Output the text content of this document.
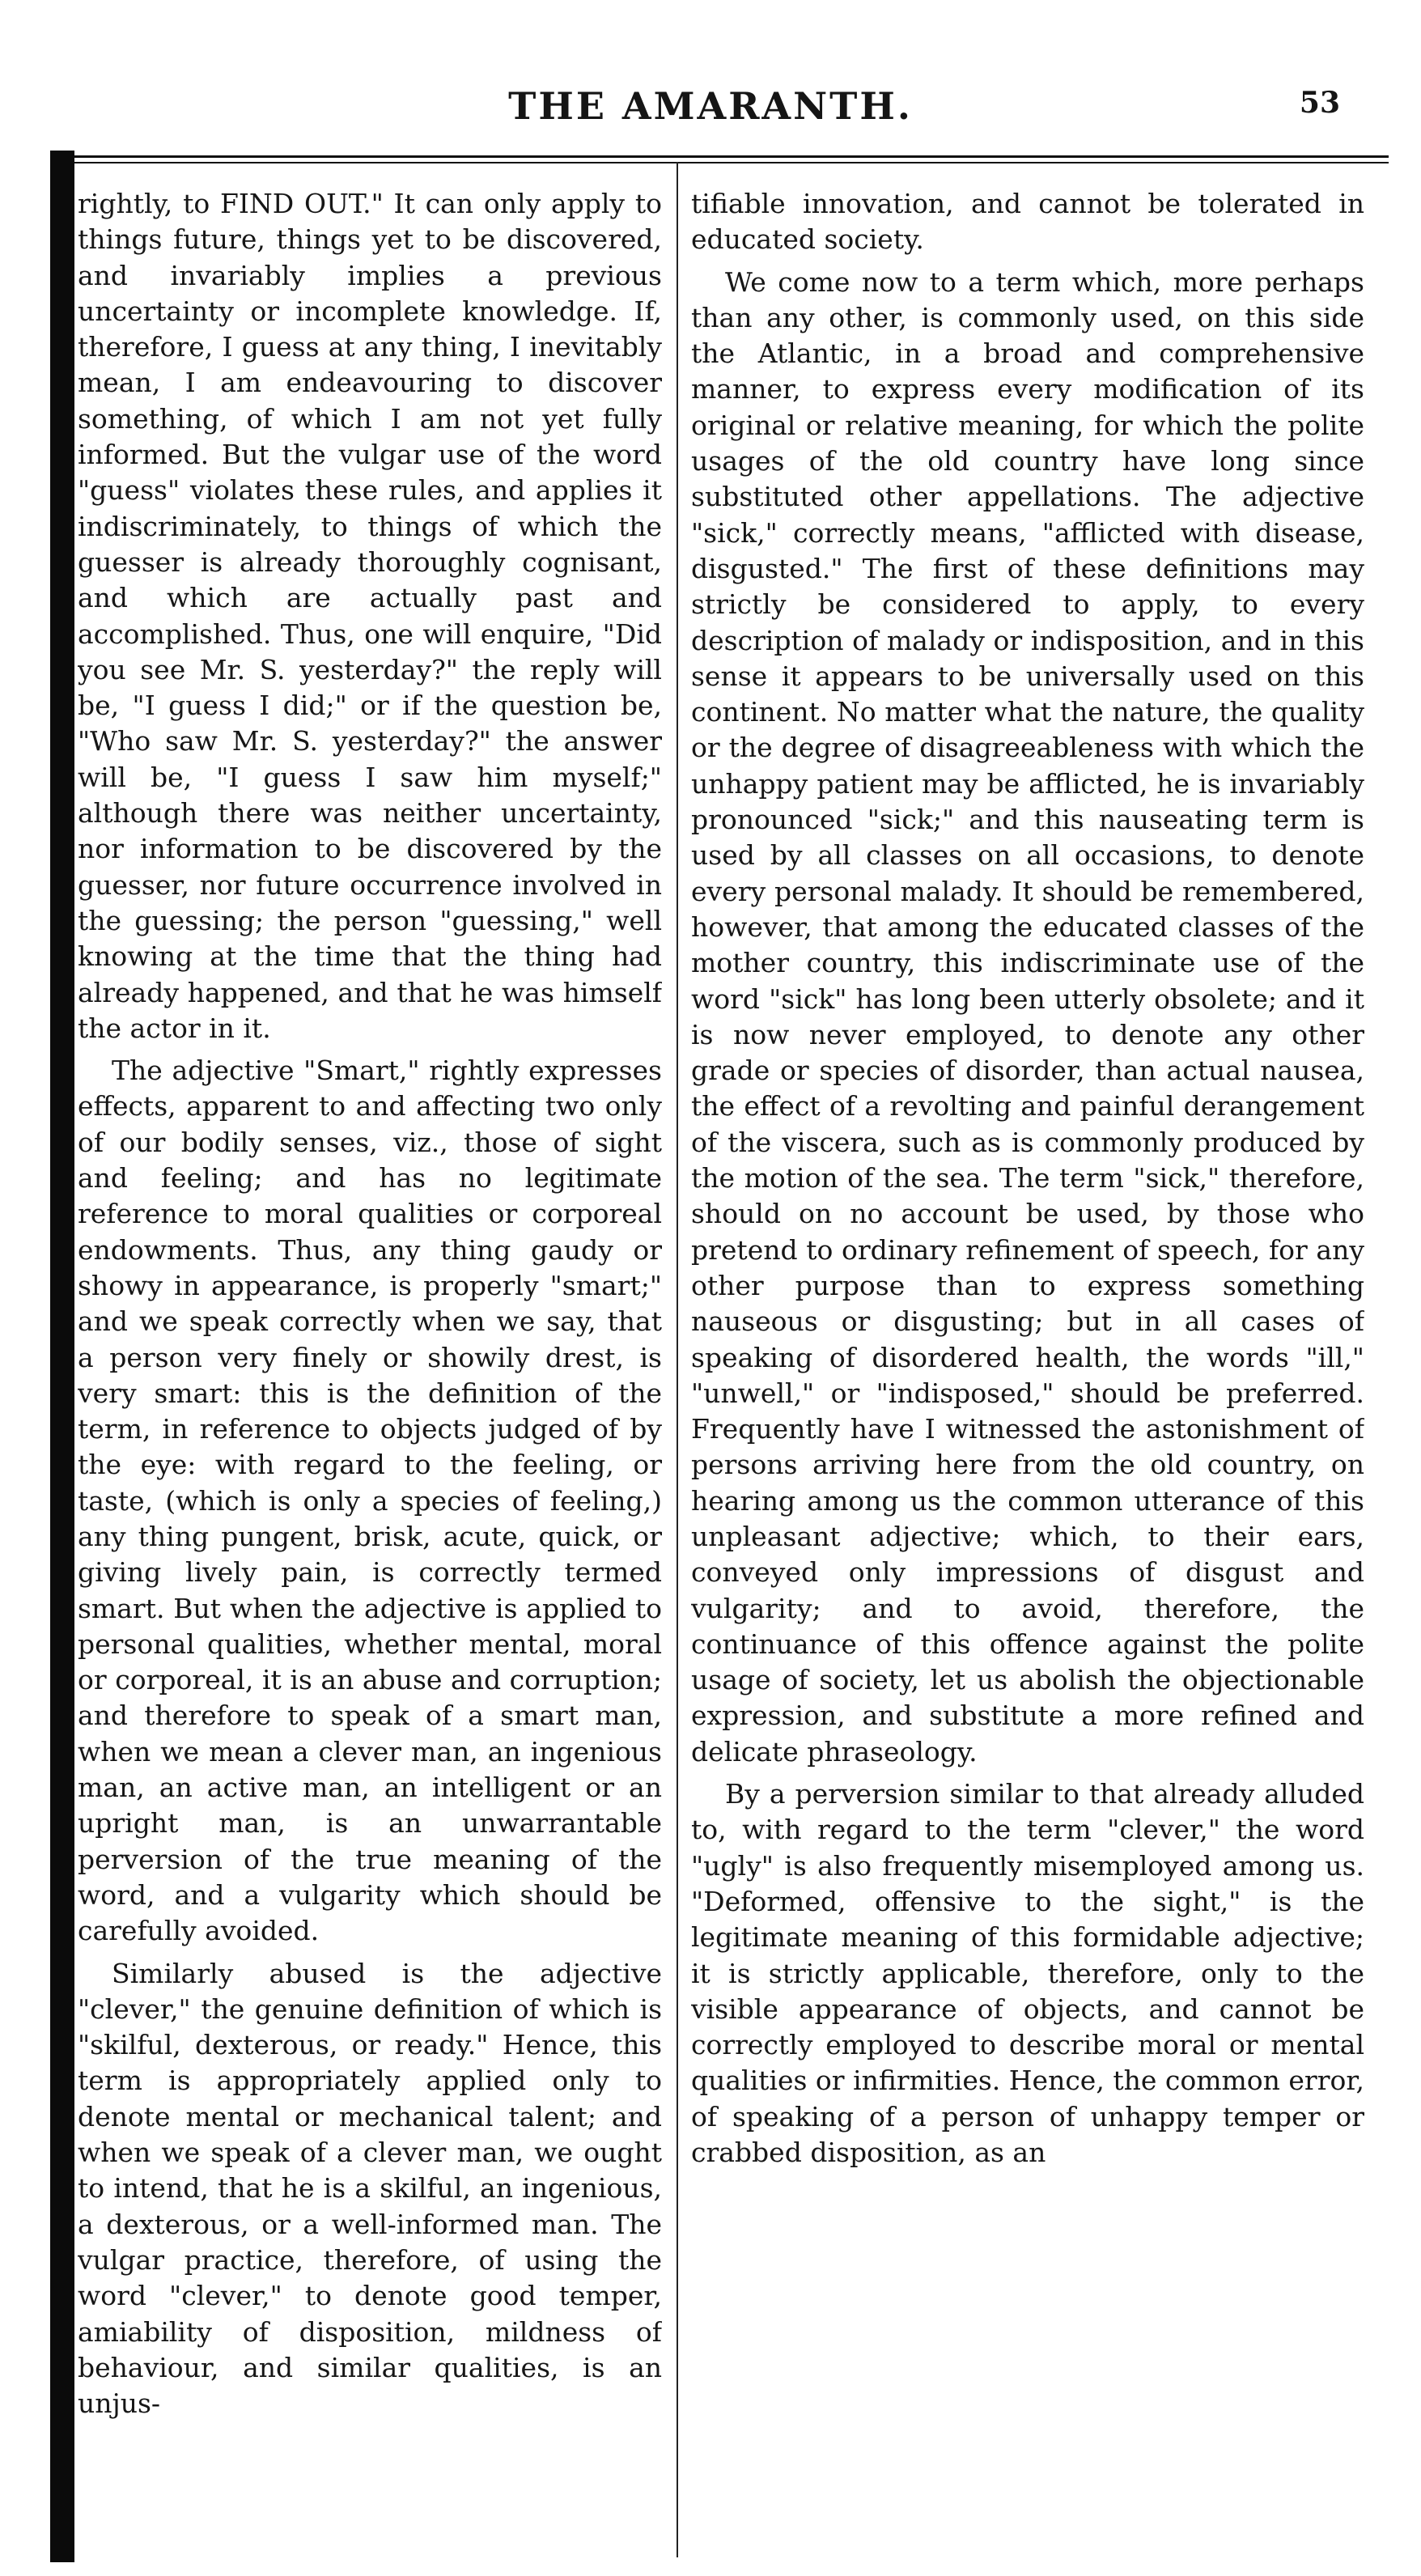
THE AMARANTH.	53

rightly, to FIND OUT." It can only apply to things future, things yet to be discovered, and invariably implies a previous uncertainty or incomplete knowledge. If, therefore, I guess at any thing, I inevitably mean, I am endeavouring to discover something, of which I am not yet fully informed. But the vulgar use of the word "guess" violates these rules, and applies it indiscriminately, to things of which the guesser is already thoroughly cognisant, and which are actually past and accomplished. Thus, one will enquire, "Did you see Mr. S. yesterday?" the reply will be, "I guess I did;" or if the question be, "Who saw Mr. S. yesterday?" the answer will be, "I guess I saw him myself;" although there was neither uncertainty, nor information to be discovered by the guesser, nor future occurrence involved in the guessing; the person "guessing," well knowing at the time that the thing had already happened, and that he was himself the actor in it.

The adjective "Smart," rightly expresses effects, apparent to and affecting two only of our bodily senses, viz., those of sight and feeling; and has no legitimate reference to moral qualities or corporeal endowments. Thus, any thing gaudy or showy in appearance, is properly "smart;" and we speak correctly when we say, that a person very finely or showily drest, is very smart: this is the definition of the term, in reference to objects judged of by the eye: with regard to the feeling, or taste, (which is only a species of feeling,) any thing pungent, brisk, acute, quick, or giving lively pain, is correctly termed smart. But when the adjective is applied to personal qualities, whether mental, moral or corporeal, it is an abuse and corruption; and therefore to speak of a smart man, when we mean a clever man, an ingenious man, an active man, an intelligent or an upright man, is an unwarrantable perversion of the true meaning of the word, and a vulgarity which should be carefully avoided.

Similarly abused is the adjective "clever," the genuine definition of which is "skilful, dexterous, or ready." Hence, this term is appropriately applied only to denote mental or mechanical talent; and when we speak of a clever man, we ought to intend, that he is a skilful, an ingenious, a dexterous, or a well-informed man. The vulgar practice, therefore, of using the word "clever," to denote good temper, amiability of disposition, mildness of behaviour, and similar qualities, is an unjus-

tifiable innovation, and cannot be tolerated in educated society.

We come now to a term which, more perhaps than any other, is commonly used, on this side the Atlantic, in a broad and comprehensive manner, to express every modification of its original or relative meaning, for which the polite usages of the old country have long since substituted other appellations. The adjective "sick," correctly means, "afflicted with disease, disgusted." The first of these definitions may strictly be considered to apply, to every description of malady or indisposition, and in this sense it appears to be universally used on this continent. No matter what the nature, the quality or the degree of disagreeableness with which the unhappy patient may be afflicted, he is invariably pronounced "sick;" and this nauseating term is used by all classes on all occasions, to denote every personal malady. It should be remembered, however, that among the educated classes of the mother country, this indiscriminate use of the word "sick" has long been utterly obsolete; and it is now never employed, to denote any other grade or species of disorder, than actual nausea, the effect of a revolting and painful derangement of the viscera, such as is commonly produced by the motion of the sea. The term "sick," therefore, should on no account be used, by those who pretend to ordinary refinement of speech, for any other purpose than to express something nauseous or disgusting; but in all cases of speaking of disordered health, the words "ill," "unwell," or "indisposed," should be preferred. Frequently have I witnessed the astonishment of persons arriving here from the old country, on hearing among us the common utterance of this unpleasant adjective; which, to their ears, conveyed only impressions of disgust and vulgarity; and to avoid, therefore, the continuance of this offence against the polite usage of society, let us abolish the objectionable expression, and substitute a more refined and delicate phraseology.

By a perversion similar to that already alluded to, with regard to the term "clever," the word "ugly" is also frequently misemployed among us. "Deformed, offensive to the sight," is the legitimate meaning of this formidable adjective; it is strictly applicable, therefore, only to the visible appearance of objects, and cannot be correctly employed to describe moral or mental qualities or infirmities. Hence, the common error, of speaking of a person of unhappy temper or crabbed disposition, as an
